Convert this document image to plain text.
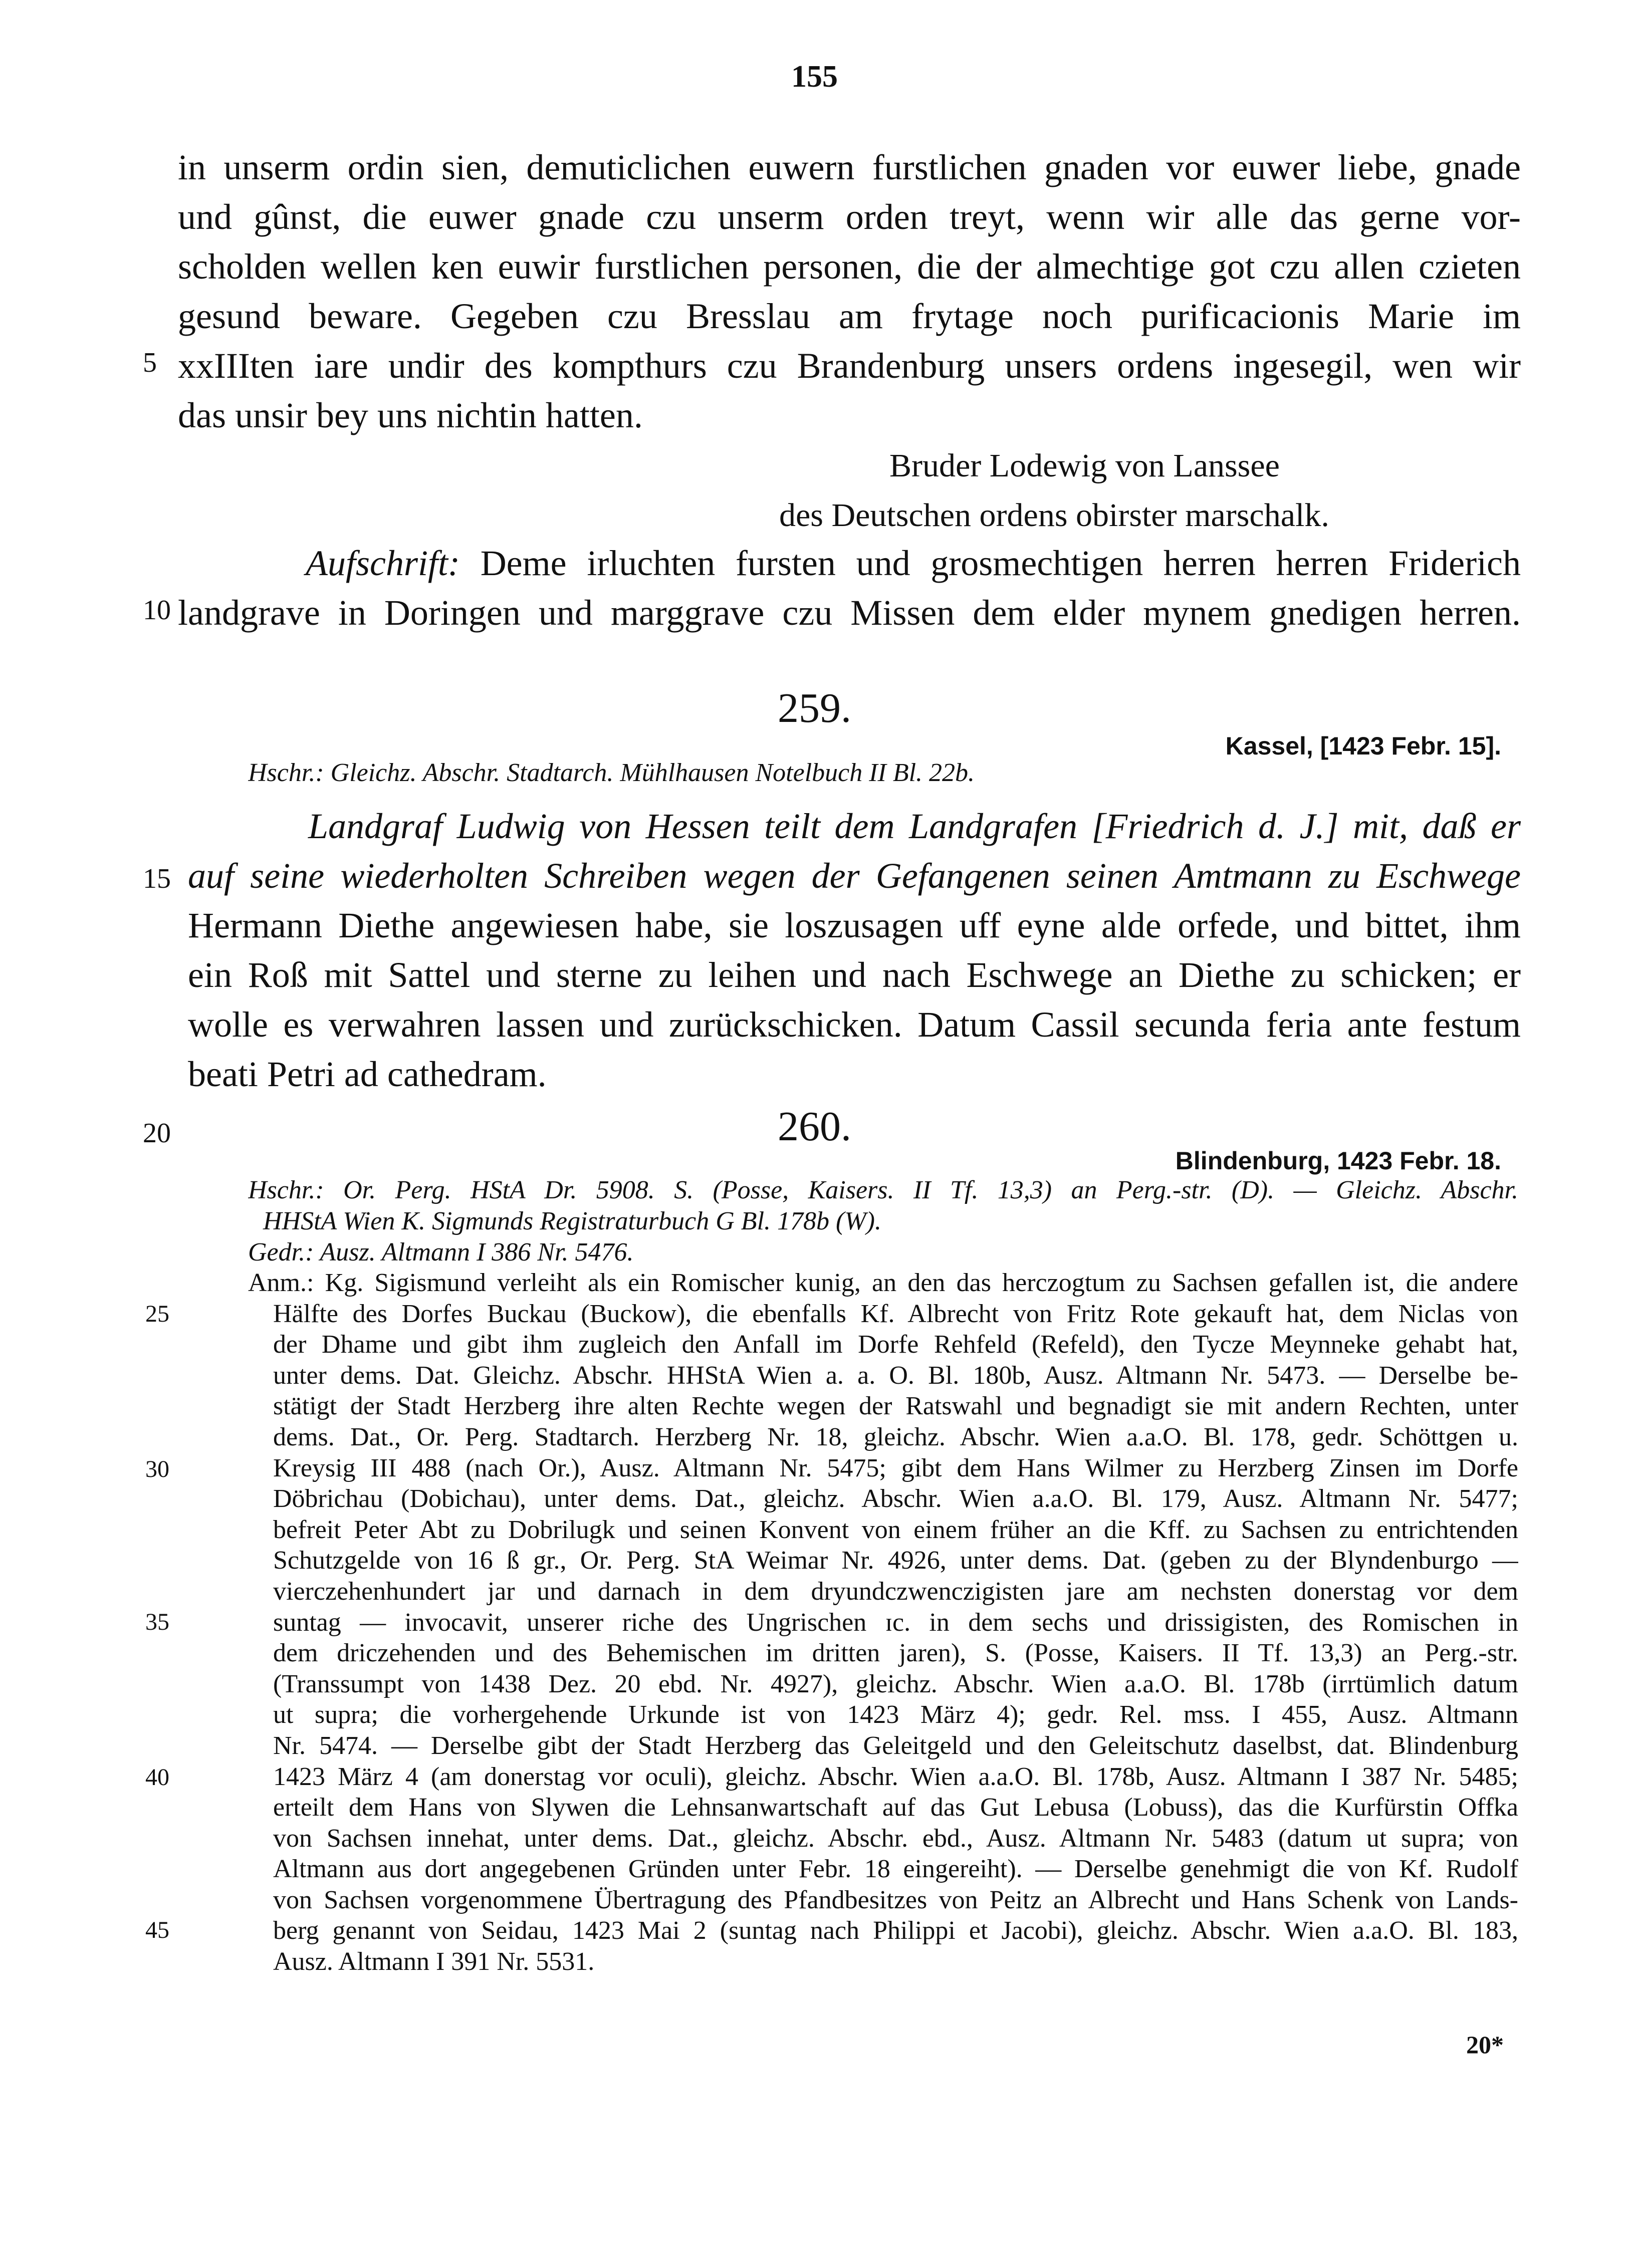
155
in unserm ordin sien, demuticlichen euwern furstlichen gnaden vor euwer liebe, gnade
und gûnst, die euwer gnade czu unserm orden treyt, wenn wir alle das gerne vor-
scholden wellen ken euwir furstlichen personen, die der almechtige got czu allen czieten
gesund beware. Gegeben czu Bresslau am frytage noch purificacionis Marie im
xxIIIten iare undir des kompthurs czu Brandenburg unsers ordens ingesegil, wen wir
das unsir bey uns nichtin hatten.
Bruder Lodewig von Lanssee
des Deutschen ordens obirster marschalk.
Aufschrift: Deme irluchten fursten und grosmechtigen herren herren Friderich
landgrave in Doringen und marggrave czu Missen dem elder mynem gnedigen herren.
259.
Kassel, [1423 Febr. 15].
Hschr.: Gleichz. Abschr. Stadtarch. Mühlhausen Notelbuch II Bl. 22b.
Landgraf Ludwig von Hessen teilt dem Landgrafen [Friedrich d. J.] mit, daß er
auf seine wiederholten Schreiben wegen der Gefangenen seinen Amtmann zu Eschwege
Hermann Diethe angewiesen habe, sie loszusagen uff eyne alde orfede, und bittet, ihm
ein Roß mit Sattel und sterne zu leihen und nach Eschwege an Diethe zu schicken; er
wolle es verwahren lassen und zurückschicken. Datum Cassil secunda feria ante festum
beati Petri ad cathedram.
260.
Blindenburg, 1423 Febr. 18.
Hschr.: Or. Perg. HStA Dr. 5908. S. (Posse, Kaisers. II Tf. 13,3) an Perg.-str. (D). — Gleichz. Abschr.
HHStA Wien K. Sigmunds Registraturbuch G Bl. 178b (W).
Gedr.: Ausz. Altmann I 386 Nr. 5476.
Anm.: Kg. Sigismund verleiht als ein Romischer kunig, an den das herczogtum zu Sachsen gefallen ist, die andere
Hälfte des Dorfes Buckau (Buckow), die ebenfalls Kf. Albrecht von Fritz Rote gekauft hat, dem Niclas von
der Dhame und gibt ihm zugleich den Anfall im Dorfe Rehfeld (Refeld), den Tycze Meynneke gehabt hat,
unter dems. Dat. Gleichz. Abschr. HHStA Wien a. a. O. Bl. 180b, Ausz. Altmann Nr. 5473. — Derselbe be-
stätigt der Stadt Herzberg ihre alten Rechte wegen der Ratswahl und begnadigt sie mit andern Rechten, unter
dems. Dat., Or. Perg. Stadtarch. Herzberg Nr. 18, gleichz. Abschr. Wien a.a.O. Bl. 178, gedr. Schöttgen u.
Kreysig III 488 (nach Or.), Ausz. Altmann Nr. 5475; gibt dem Hans Wilmer zu Herzberg Zinsen im Dorfe
Döbrichau (Dobichau), unter dems. Dat., gleichz. Abschr. Wien a.a.O. Bl. 179, Ausz. Altmann Nr. 5477;
befreit Peter Abt zu Dobrilugk und seinen Konvent von einem früher an die Kff. zu Sachsen zu entrichtenden
Schutzgelde von 16 ß gr., Or. Perg. StA Weimar Nr. 4926, unter dems. Dat. (geben zu der Blyndenburgo —
vierczehenhundert jar und darnach in dem dryundczwenczigisten jare am nechsten donerstag vor dem
suntag — invocavit, unserer riche des Ungrischen ɪc. in dem sechs und drissigisten, des Romischen in
dem driczehenden und des Behemischen im dritten jaren), S. (Posse, Kaisers. II Tf. 13,3) an Perg.-str.
(Transsumpt von 1438 Dez. 20 ebd. Nr. 4927), gleichz. Abschr. Wien a.a.O. Bl. 178b (irrtümlich datum
ut supra; die vorhergehende Urkunde ist von 1423 März 4); gedr. Rel. mss. I 455, Ausz. Altmann
Nr. 5474. — Derselbe gibt der Stadt Herzberg das Geleitgeld und den Geleitschutz daselbst, dat. Blindenburg
1423 März 4 (am donerstag vor oculi), gleichz. Abschr. Wien a.a.O. Bl. 178b, Ausz. Altmann I 387 Nr. 5485;
erteilt dem Hans von Slywen die Lehnsanwartschaft auf das Gut Lebusa (Lobuss), das die Kurfürstin Offka
von Sachsen innehat, unter dems. Dat., gleichz. Abschr. ebd., Ausz. Altmann Nr. 5483 (datum ut supra; von
Altmann aus dort angegebenen Gründen unter Febr. 18 eingereiht). — Derselbe genehmigt die von Kf. Rudolf
von Sachsen vorgenommene Übertragung des Pfandbesitzes von Peitz an Albrecht und Hans Schenk von Lands-
berg genannt von Seidau, 1423 Mai 2 (suntag nach Philippi et Jacobi), gleichz. Abschr. Wien a.a.O. Bl. 183,
Ausz. Altmann I 391 Nr. 5531.
5
10
15
20
25
30
35
40
45
20*
